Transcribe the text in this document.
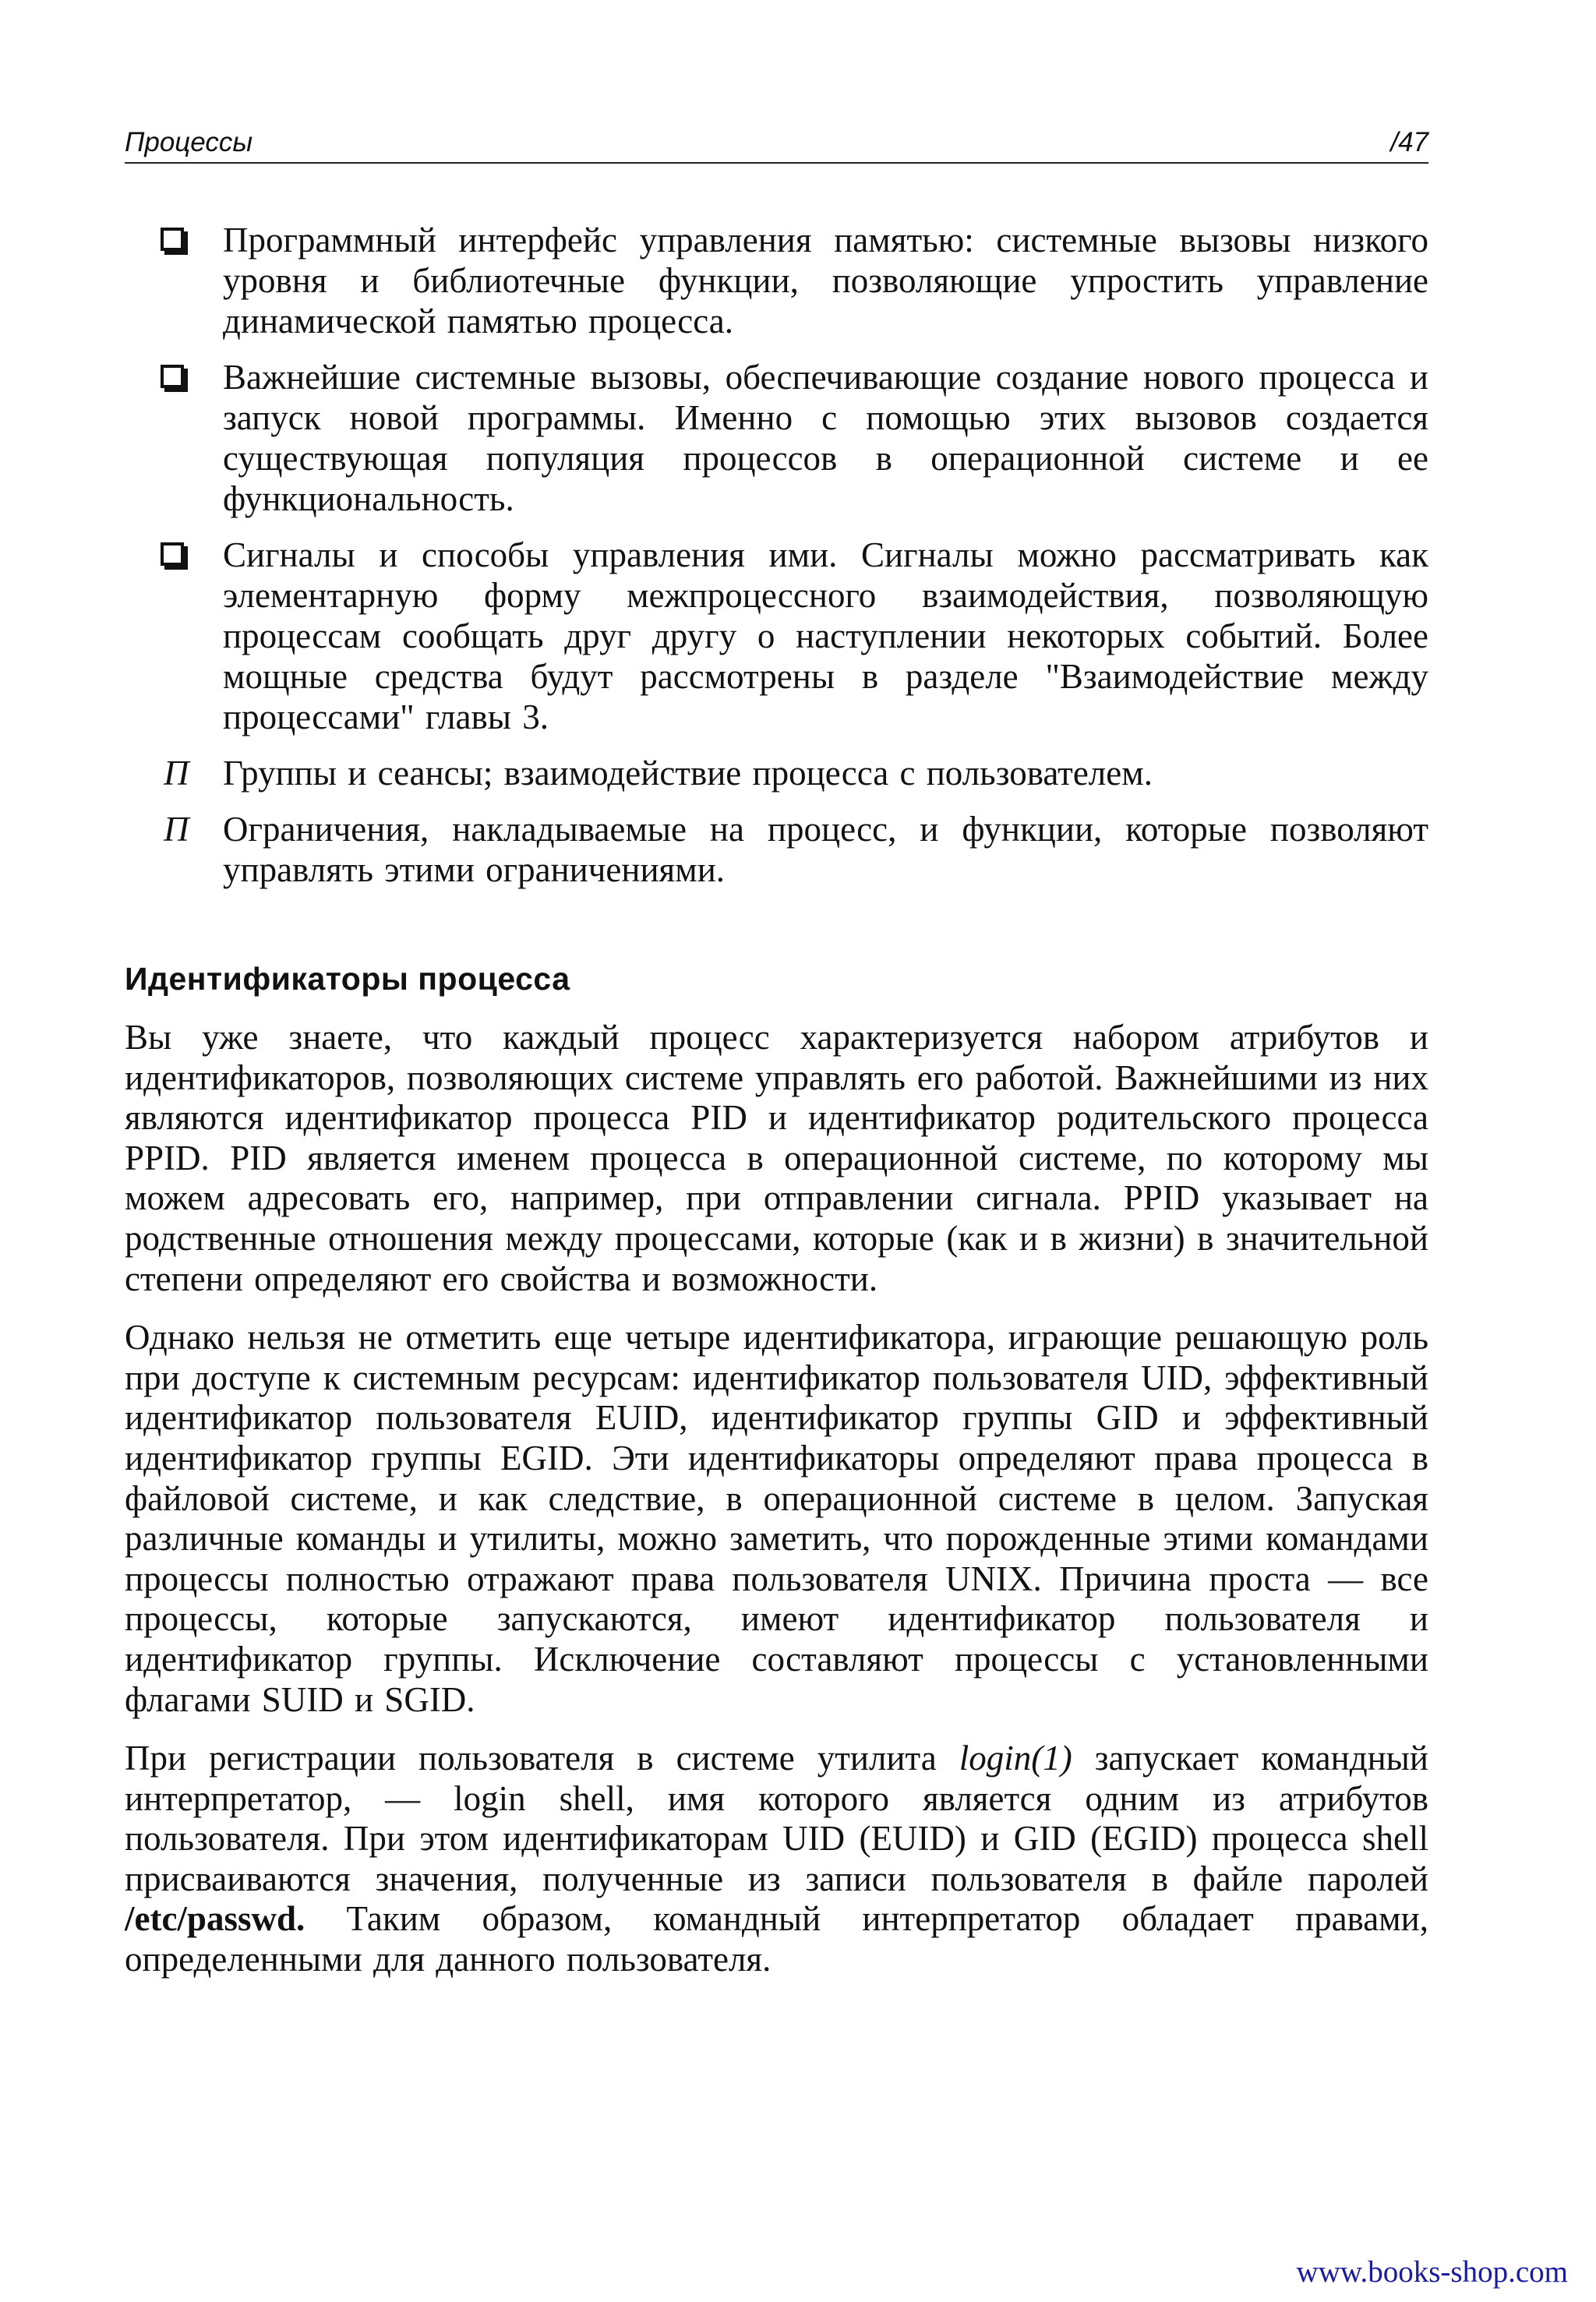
Процессы	/47
Программный интерфейс управления памятью: системные вызовы низкого уровня и библиотечные функции, позволяющие упростить управление динамической памятью процесса.
Важнейшие системные вызовы, обеспечивающие создание нового процесса и запуск новой программы. Именно с помощью этих вызовов создается существующая популяция процессов в операционной системе и ее функциональность.
Сигналы и способы управления ими. Сигналы можно рассматривать как элементарную форму межпроцессного взаимодействия, позволяющую процессам сообщать друг другу о наступлении некоторых событий. Более мощные средства будут рассмотрены в разделе "Взаимодействие между процессами" главы 3.
П Группы и сеансы; взаимодействие процесса с пользователем.
П Ограничения, накладываемые на процесс, и функции, которые позволяют управлять этими ограничениями.
Идентификаторы процесса

Вы уже знаете, что каждый процесс характеризуется набором атрибутов и идентификаторов, позволяющих системе управлять его работой. Важнейшими из них являются идентификатор процесса PID и идентификатор родительского процесса PPID. PID является именем процесса в операционной системе, по которому мы можем адресовать его, например, при отправлении сигнала. PPID указывает на родственные отношения между процессами, которые (как и в жизни) в значительной степени определяют его свойства и возможности.

Однако нельзя не отметить еще четыре идентификатора, играющие решающую роль при доступе к системным ресурсам: идентификатор пользователя UID, эффективный идентификатор пользователя EUID, идентификатор группы GID и эффективный идентификатор группы EGID. Эти идентификаторы определяют права процесса в файловой системе, и как следствие, в операционной системе в целом. Запуская различные команды и утилиты, можно заметить, что порожденные этими командами процессы полностью отражают права пользователя UNIX. Причина проста — все процессы, которые запускаются, имеют идентификатор пользователя и идентификатор группы. Исключение составляют процессы с установленными флагами SUID и SGID.

При регистрации пользователя в системе утилита login(1) запускает командный интерпретатор, — login shell, имя которого является одним из атрибутов пользователя. При этом идентификаторам UID (EUID) и GID (EGID) процесса shell присваиваются значения, полученные из записи пользователя в файле паролей /etc/passwd. Таким образом, командный интерпретатор обладает правами, определенными для данного пользователя.

www.books-shop.com
